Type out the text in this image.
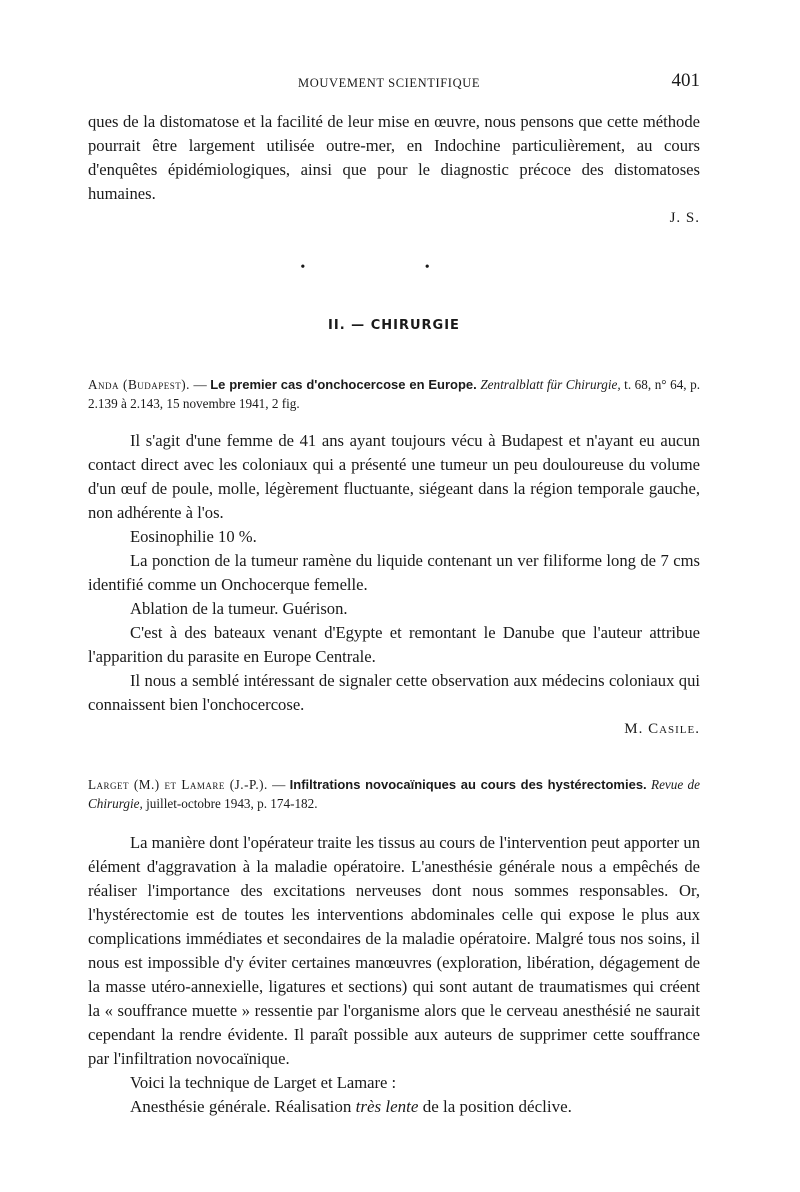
MOUVEMENT SCIENTIFIQUE	401

ques de la distomatose et la facilité de leur mise en œuvre, nous pensons que cette méthode pourrait être largement utilisée outre-mer, en Indochine particulièrement, au cours d'enquêtes épidémiologiques, ainsi que pour le diagnostic précoce des distomatoses humaines.

J. S.

• •
II. — CHIRURGIE

Anda (Budapest). — Le premier cas d'onchocercose en Europe. Zentralblatt für Chirurgie, t. 68, n° 64, p. 2.139 à 2.143, 15 novembre 1941, 2 fig.

Il s'agit d'une femme de 41 ans ayant toujours vécu à Budapest et n'ayant eu aucun contact direct avec les coloniaux qui a présenté une tumeur un peu douloureuse du volume d'un œuf de poule, molle, légèrement fluctuante, siégeant dans la région temporale gauche, non adhérente à l'os.

Eosinophilie 10 %.

La ponction de la tumeur ramène du liquide contenant un ver filiforme long de 7 cms identifié comme un Onchocerque femelle.

Ablation de la tumeur. Guérison.

C'est à des bateaux venant d'Egypte et remontant le Danube que l'auteur attribue l'apparition du parasite en Europe Centrale.

Il nous a semblé intéressant de signaler cette observation aux médecins coloniaux qui connaissent bien l'onchocercose.

M. Casile.

Larget (M.) et Lamare (J.-P.). — Infiltrations novocaïniques au cours des hystérectomies. Revue de Chirurgie, juillet-octobre 1943, p. 174-182.

La manière dont l'opérateur traite les tissus au cours de l'intervention peut apporter un élément d'aggravation à la maladie opératoire. L'anesthésie générale nous a empêchés de réaliser l'importance des excitations nerveuses dont nous sommes responsables. Or, l'hystérectomie est de toutes les interventions abdominales celle qui expose le plus aux complications immédiates et secondaires de la maladie opératoire. Malgré tous nos soins, il nous est impossible d'y éviter certaines manœuvres (exploration, libération, dégagement de la masse utéro-annexielle, ligatures et sections) qui sont autant de traumatismes qui créent la « souffrance muette » ressentie par l'organisme alors que le cerveau anesthésié ne saurait cependant la rendre évidente. Il paraît possible aux auteurs de supprimer cette souffrance par l'infiltration novocaïnique.

Voici la technique de Larget et Lamare :

Anesthésie générale. Réalisation très lente de la position déclive.
